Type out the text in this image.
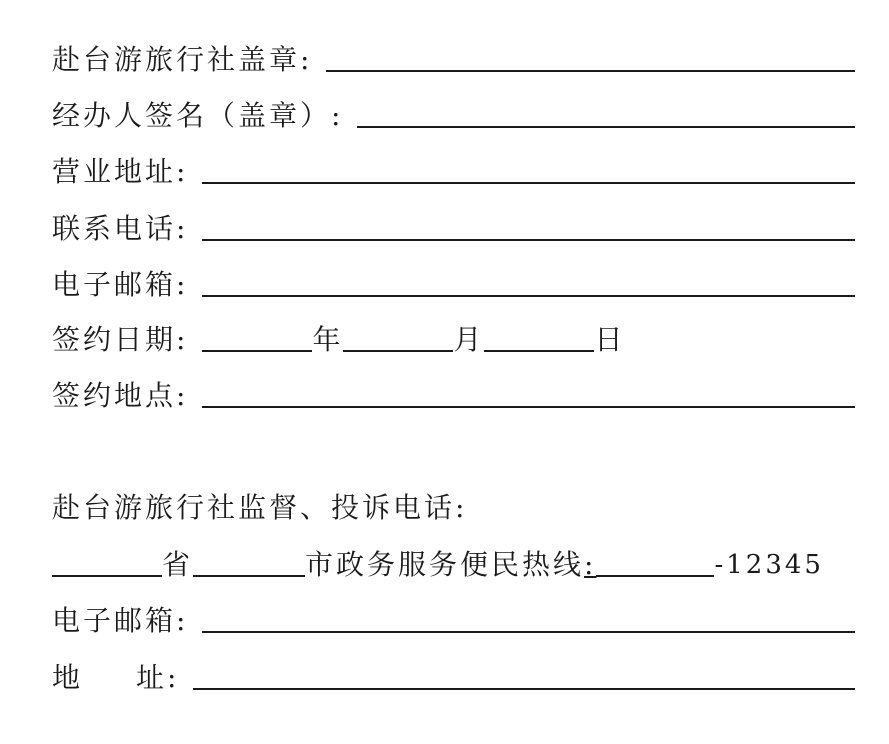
赴台游旅行社盖章:
经办人签名（盖章）:
营业地址:
联系电话:
电子邮箱:
签约日期:	年	月	日
签约地点:
赴台游旅行社监督、投诉电话:
省	市政务服务便民热线 :	-12345
电子邮箱:
地	址:
